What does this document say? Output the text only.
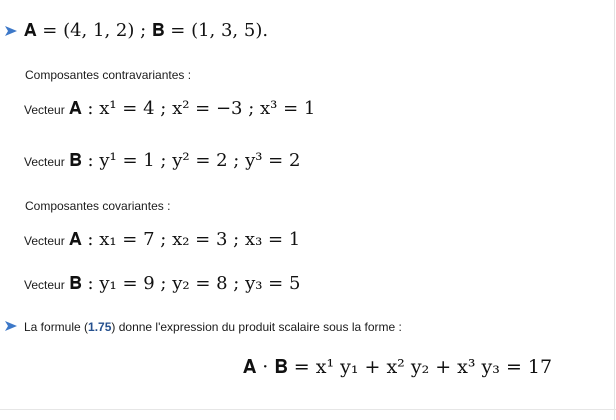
𝐀 = (4, 1, 2) ; 𝐁 = (1, 3, 5).
Composantes contravariantes :
Vecteur 𝐀 : x¹ = 4 ; x² = −3 ; x³ = 1
Vecteur 𝐁 : y¹ = 1 ; y² = 2 ; y³ = 2
Composantes covariantes :
Vecteur 𝐀 : x₁ = 7 ; x₂ = 3 ; x₃ = 1
Vecteur 𝐁 : y₁ = 9 ; y₂ = 8 ; y₃ = 5
La formule (1.75) donne l'expression du produit scalaire sous la forme :
𝐀 · 𝐁 = x¹ y₁ + x² y₂ + x³ y₃ = 17
